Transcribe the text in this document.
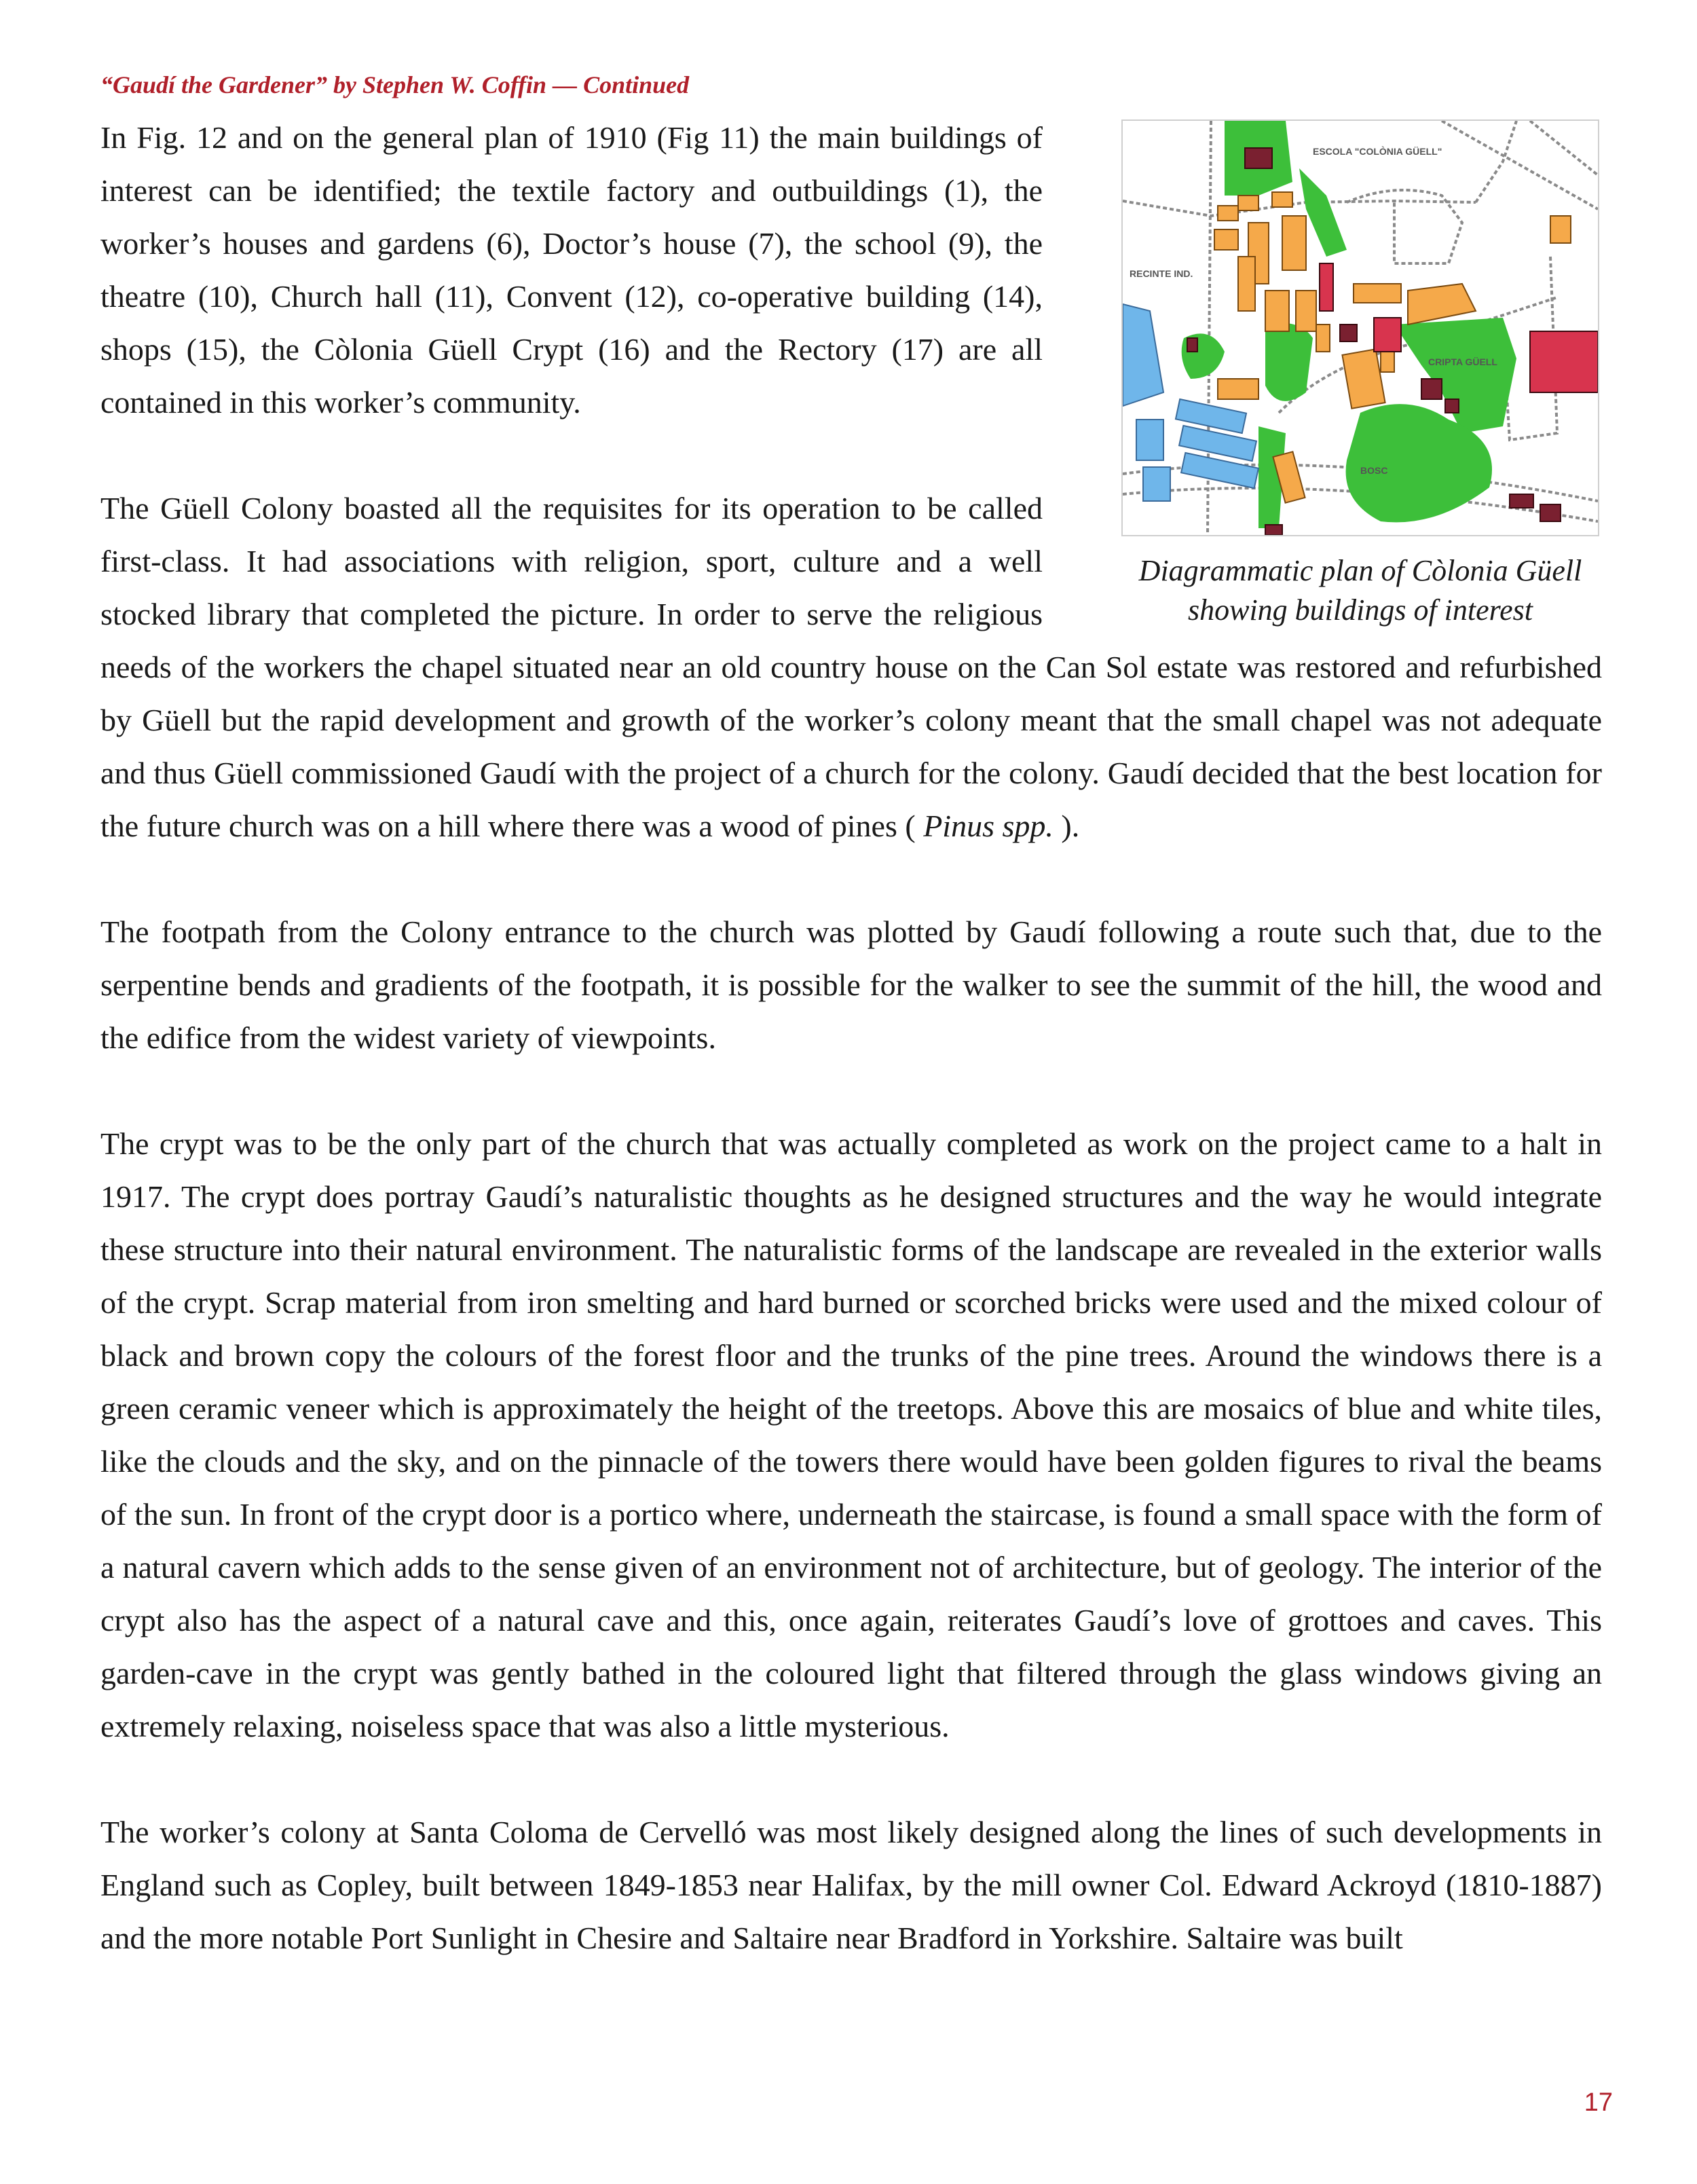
“Gaudí the Gardener” by Stephen W. Coffin — Continued
ESCOLA "COLÒNIA GÜELL"
RECINTE IND.
CRIPTA GÜELL
BOSC
Diagrammatic plan of Còlonia Güell
showing buildings of interest

In Fig. 12 and on the general plan of 1910 (Fig 11) the main buildings of interest can be identified; the textile factory and outbuildings (1), the worker’s houses and gardens (6), Doctor’s house (7), the school (9), the theatre (10), Church hall (11), Convent (12), co-operative building (14), shops (15), the Còlonia Güell Crypt (16) and the Rectory (17) are all contained in this worker’s community.

The Güell Colony boasted all the requisites for its operation to be called first-class. It had associations with religion, sport, culture and a well stocked library that completed the picture. In order to serve the religious needs of the workers the chapel situated near an old country house on the Can Sol estate was restored and refurbished by Güell but the rapid development and growth of the worker’s colony meant that the small chapel was not adequate and thus Güell commissioned Gaudí with the project of a church for the colony. Gaudí decided that the best location for the future church was on a hill where there was a wood of pines ( Pinus spp. ).

The footpath from the Colony entrance to the church was plotted by Gaudí following a route such that, due to the serpentine bends and gradients of the footpath, it is possible for the walker to see the summit of the hill, the wood and the edifice from the widest variety of viewpoints.

The crypt was to be the only part of the church that was actually completed as work on the project came to a halt in 1917. The crypt does portray Gaudí’s naturalistic thoughts as he designed structures and the way he would integrate these structure into their natural environment. The naturalistic forms of the landscape are revealed in the exterior walls of the crypt. Scrap material from iron smelting and hard burned or scorched bricks were used and the mixed colour of black and brown copy the colours of the forest floor and the trunks of the pine trees. Around the windows there is a green ceramic veneer which is approximately the height of the treetops. Above this are mosaics of blue and white tiles, like the clouds and the sky, and on the pinnacle of the towers there would have been golden figures to rival the beams of the sun. In front of the crypt door is a portico where, underneath the staircase, is found a small space with the form of a natural cavern which adds to the sense given of an environment not of architecture, but of geology. The interior of the crypt also has the aspect of a natural cave and this, once again, reiterates Gaudí’s love of grottoes and caves. This garden-cave in the crypt was gently bathed in the coloured light that filtered through the glass windows giving an extremely relaxing, noiseless space that was also a little mysterious.

The worker’s colony at Santa Coloma de Cervelló was most likely designed along the lines of such developments in England such as Copley, built between 1849-1853 near Halifax, by the mill owner Col. Edward Ackroyd (1810-1887) and the more notable Port Sunlight in Chesire and Saltaire near Bradford in Yorkshire. Saltaire was built

17
